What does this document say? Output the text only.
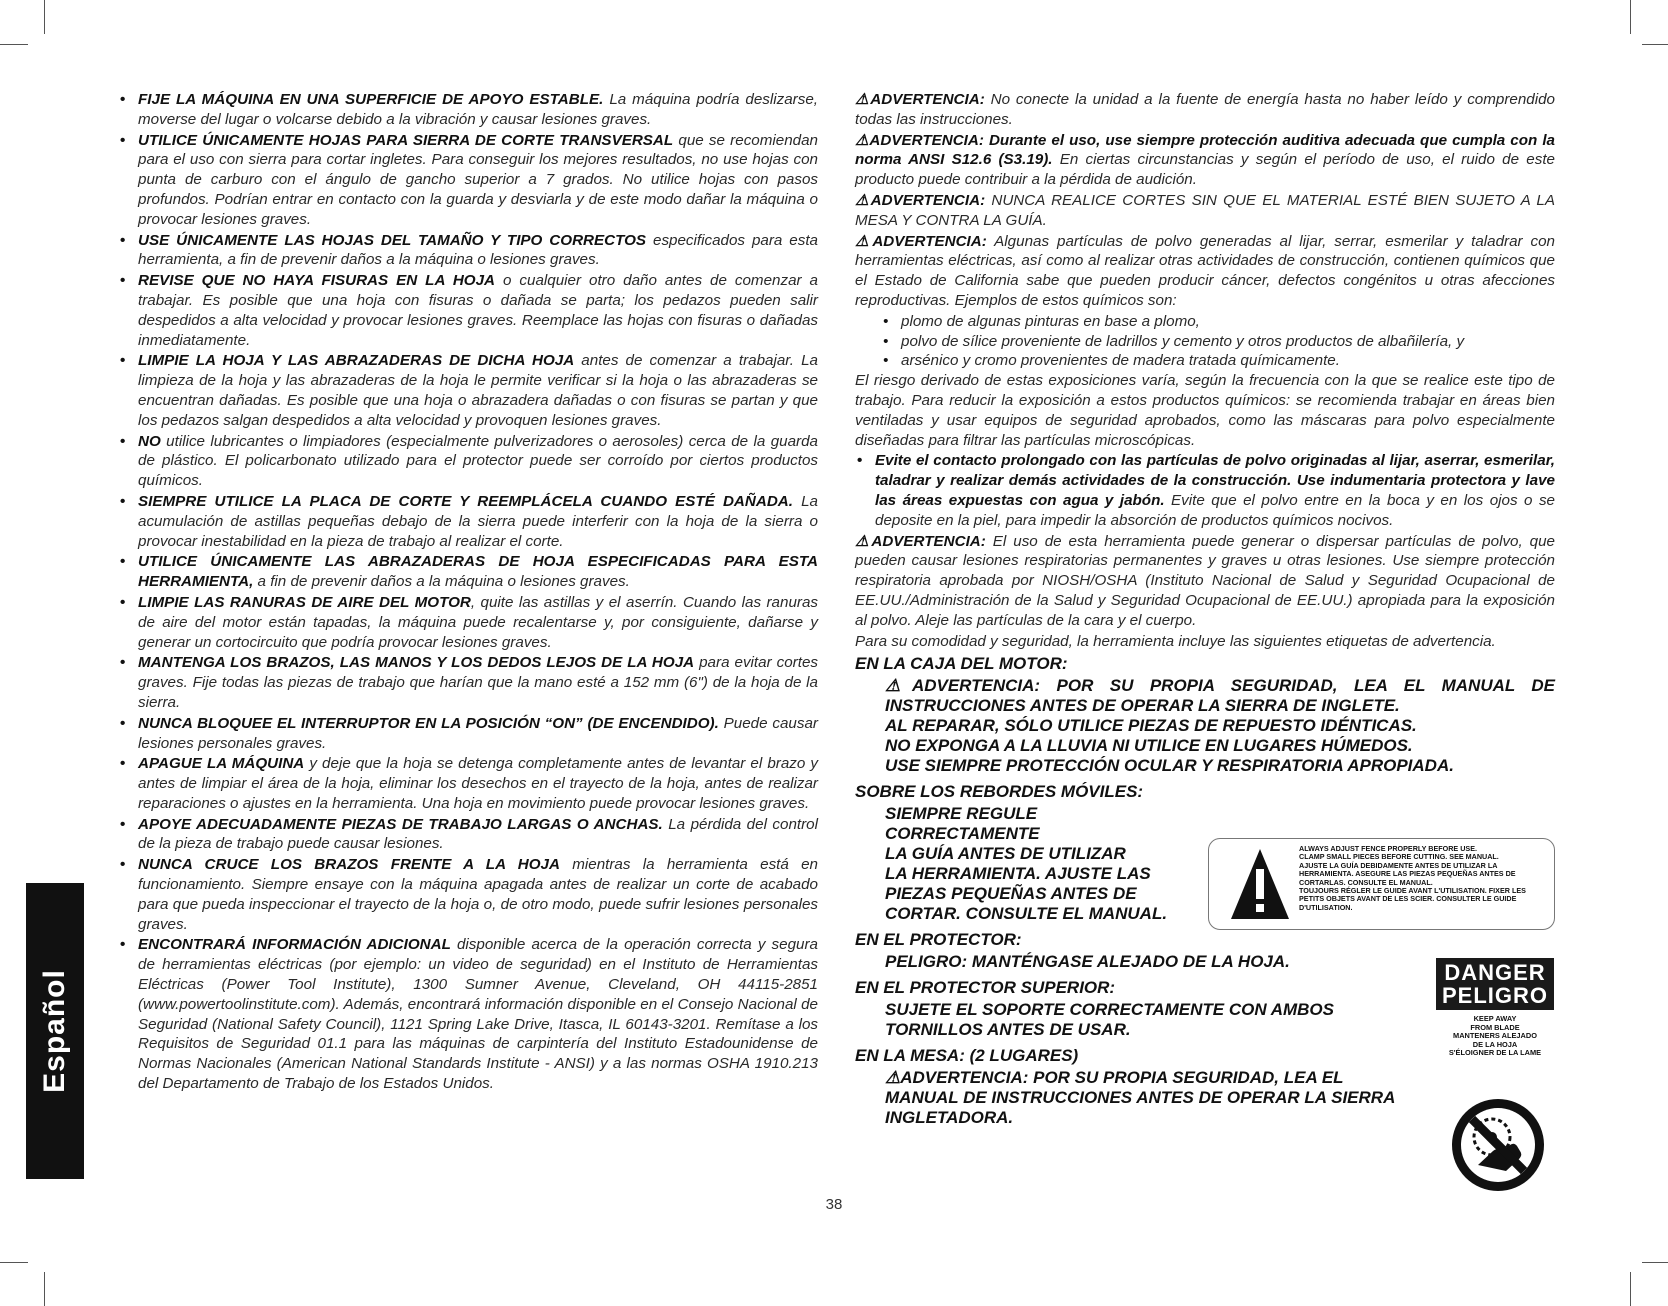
Español
• FIJE LA MÁQUINA EN UNA SUPERFICIE DE APOYO ESTABLE. La máquina podría deslizarse, moverse del lugar o volcarse debido a la vibración y causar lesiones graves.
• UTILICE ÚNICAMENTE HOJAS PARA SIERRA DE CORTE TRANSVERSAL que se recomiendan para el uso con sierra para cortar ingletes. Para conseguir los mejores resultados, no use hojas con punta de carburo con el ángulo de gancho superior a 7 grados. No utilice hojas con pasos profundos. Podrían entrar en contacto con la guarda y desviarla y de este modo dañar la máquina o provocar lesiones graves.
• USE ÚNICAMENTE LAS HOJAS DEL TAMAÑO Y TIPO CORRECTOS especificados para esta herramienta, a fin de prevenir daños a la máquina o lesiones graves.
• REVISE QUE NO HAYA FISURAS EN LA HOJA o cualquier otro daño antes de comenzar a trabajar. Es posible que una hoja con fisuras o dañada se parta; los pedazos pueden salir despedidos a alta velocidad y provocar lesiones graves. Reemplace las hojas con fisuras o dañadas inmediatamente.
• LIMPIE LA HOJA Y LAS ABRAZADERAS DE DICHA HOJA antes de comenzar a trabajar. La limpieza de la hoja y las abrazaderas de la hoja le permite verificar si la hoja o las abrazaderas se encuentran dañadas. Es posible que una hoja o abrazadera dañadas o con fisuras se partan y que los pedazos salgan despedidos a alta velocidad y provoquen lesiones graves.
• NO utilice lubricantes o limpiadores (especialmente pulverizadores o aerosoles) cerca de la guarda de plástico. El policarbonato utilizado para el protector puede ser corroído por ciertos productos químicos.
• SIEMPRE UTILICE LA PLACA DE CORTE Y REEMPLÁCELA CUANDO ESTÉ DAÑADA. La acumulación de astillas pequeñas debajo de la sierra puede interferir con la hoja de la sierra o provocar inestabilidad en la pieza de trabajo al realizar el corte.
• UTILICE ÚNICAMENTE LAS ABRAZADERAS DE HOJA ESPECIFICADAS PARA ESTA HERRAMIENTA, a fin de prevenir daños a la máquina o lesiones graves.
• LIMPIE LAS RANURAS DE AIRE DEL MOTOR, quite las astillas y el aserrín. Cuando las ranuras de aire del motor están tapadas, la máquina puede recalentarse y, por consiguiente, dañarse y generar un cortocircuito que podría provocar lesiones graves.
• MANTENGA LOS BRAZOS, LAS MANOS Y LOS DEDOS LEJOS DE LA HOJA para evitar cortes graves. Fije todas las piezas de trabajo que harían que la mano esté a 152 mm (6") de la hoja de la sierra.
• NUNCA BLOQUEE EL INTERRUPTOR EN LA POSICIÓN “ON” (DE ENCENDIDO). Puede causar lesiones personales graves.
• APAGUE LA MÁQUINA y deje que la hoja se detenga completamente antes de levantar el brazo y antes de limpiar el área de la hoja, eliminar los desechos en el trayecto de la hoja, antes de realizar reparaciones o ajustes en la herramienta. Una hoja en movimiento puede provocar lesiones graves.
• APOYE ADECUADAMENTE PIEZAS DE TRABAJO LARGAS O ANCHAS. La pérdida del control de la pieza de trabajo puede causar lesiones.
• NUNCA CRUCE LOS BRAZOS FRENTE A LA HOJA mientras la herramienta está en funcionamiento. Siempre ensaye con la máquina apagada antes de realizar un corte de acabado para que pueda inspeccionar el trayecto de la hoja o, de otro modo, puede sufrir lesiones personales graves.
• ENCONTRARÁ INFORMACIÓN ADICIONAL disponible acerca de la operación correcta y segura de herramientas eléctricas (por ejemplo: un video de seguridad) en el Instituto de Herramientas Eléctricas (Power Tool Institute), 1300 Sumner Avenue, Cleveland, OH 44115-2851 (www.powertoolinstitute.com). Además, encontrará información disponible en el Consejo Nacional de Seguridad (National Safety Council), 1121 Spring Lake Drive, Itasca, IL 60143-3201. Remítase a los Requisitos de Seguridad 01.1 para las máquinas de carpintería del Instituto Estadounidense de Normas Nacionales (American National Standards Institute - ANSI) y a las normas OSHA 1910.213 del Departamento de Trabajo de los Estados Unidos.

⚠ADVERTENCIA: No conecte la unidad a la fuente de energía hasta no haber leído y comprendido todas las instrucciones.

⚠ADVERTENCIA: Durante el uso, use siempre protección auditiva adecuada que cumpla con la norma ANSI S12.6 (S3.19). En ciertas circunstancias y según el período de uso, el ruido de este producto puede contribuir a la pérdida de audición.

⚠ADVERTENCIA: NUNCA REALICE CORTES SIN QUE EL MATERIAL ESTÉ BIEN SUJETO A LA MESA Y CONTRA LA GUÍA.

⚠ADVERTENCIA: Algunas partículas de polvo generadas al lijar, serrar, esmerilar y taladrar con herramientas eléctricas, así como al realizar otras actividades de construcción, contienen químicos que el Estado de California sabe que pueden producir cáncer, defectos congénitos u otras afecciones reproductivas. Ejemplos de estos químicos son:

• plomo de algunas pinturas en base a plomo,
• polvo de sílice proveniente de ladrillos y cemento y otros productos de albañilería, y
• arsénico y cromo provenientes de madera tratada químicamente.

El riesgo derivado de estas exposiciones varía, según la frecuencia con la que se realice este tipo de trabajo. Para reducir la exposición a estos productos químicos: se recomienda trabajar en áreas bien ventiladas y usar equipos de seguridad aprobados, como las máscaras para polvo especialmente diseñadas para filtrar las partículas microscópicas.

• Evite el contacto prolongado con las partículas de polvo originadas al lijar, aserrar, esmerilar, taladrar y realizar demás actividades de la construcción. Use indumentaria protectora y lave las áreas expuestas con agua y jabón. Evite que el polvo entre en la boca y en los ojos o se deposite en la piel, para impedir la absorción de productos químicos nocivos.

⚠ADVERTENCIA: El uso de esta herramienta puede generar o dispersar partículas de polvo, que pueden causar lesiones respiratorias permanentes y graves u otras lesiones. Use siempre protección respiratoria aprobada por NIOSH/OSHA (Instituto Nacional de Salud y Seguridad Ocupacional de EE.UU./Administración de la Salud y Seguridad Ocupacional de EE.UU.) apropiada para la exposición al polvo. Aleje las partículas de la cara y el cuerpo.

Para su comodidad y seguridad, la herramienta incluye las siguientes etiquetas de advertencia.

EN LA CAJA DEL MOTOR:
⚠ADVERTENCIA: POR SU PROPIA SEGURIDAD, LEA EL MANUAL DE INSTRUCCIONES ANTES DE OPERAR LA SIERRA DE INGLETE.
AL REPARAR, SÓLO UTILICE PIEZAS DE REPUESTO IDÉNTICAS.
NO EXPONGA A LA LLUVIA NI UTILICE EN LUGARES HÚMEDOS.
USE SIEMPRE PROTECCIÓN OCULAR Y RESPIRATORIA APROPIADA.
SOBRE LOS REBORDES MÓVILES:
SIEMPRE REGULE
CORRECTAMENTE
LA GUÍA ANTES DE UTILIZAR
LA HERRAMIENTA. AJUSTE LAS
PIEZAS PEQUEÑAS ANTES DE
CORTAR. CONSULTE EL MANUAL.
EN EL PROTECTOR:
PELIGRO: MANTÉNGASE ALEJADO DE LA HOJA.
EN EL PROTECTOR SUPERIOR:
SUJETE EL SOPORTE CORRECTAMENTE CON AMBOS
TORNILLOS ANTES DE USAR.
EN LA MESA: (2 LUGARES)
⚠ADVERTENCIA: POR SU PROPIA SEGURIDAD, LEA EL
MANUAL DE INSTRUCCIONES ANTES DE OPERAR LA SIERRA
INGLETADORA.
ALWAYS ADJUST FENCE PROPERLY BEFORE USE.
CLAMP SMALL PIECES BEFORE CUTTING. SEE MANUAL.
AJUSTE LA GUÍA DEBIDAMENTE ANTES DE UTILIZAR LA
HERRAMIENTA. ASEGURE LAS PIEZAS PEQUEÑAS ANTES DE
CORTARLAS. CONSULTE EL MANUAL.
TOUJOURS RÉGLER LE GUIDE AVANT L'UTILISATION. FIXER LES
PETITS OBJETS AVANT DE LES SCIER. CONSULTER LE GUIDE
D'UTILISATION.
DANGER
PELIGRO
KEEP AWAY
FROM BLADE
MANTENERS ALEJADO
DE LA HOJA
S'ÉLOIGNER DE LA LAME
38
